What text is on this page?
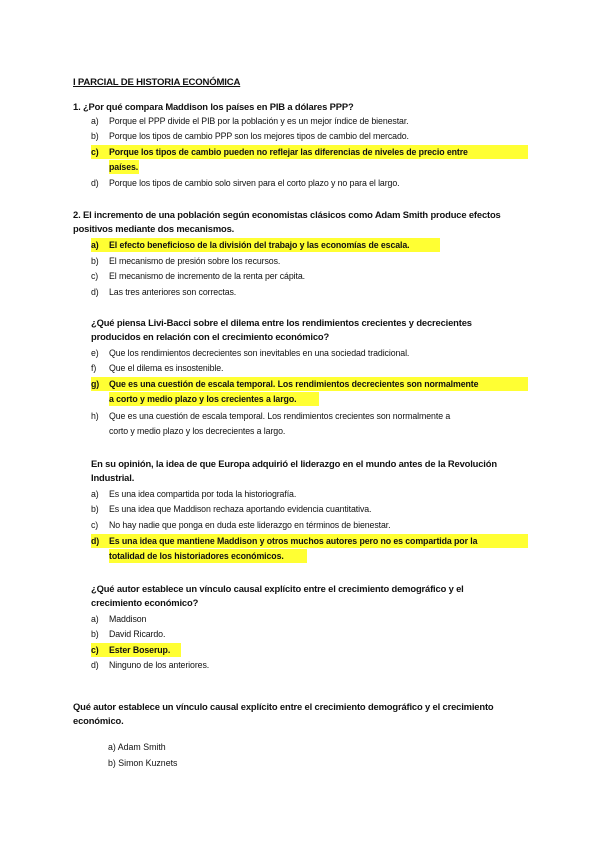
I PARCIAL DE HISTORIA ECONÓMICA
1. ¿Por qué compara Maddison los países en PIB a dólares PPP?
a)	Porque el PPP divide el PIB por la población y es un mejor índice de bienestar.
b)	Porque los tipos de cambio PPP son los mejores tipos de cambio del mercado.
c)	Porque los tipos de cambio pueden no reflejar las diferencias de niveles de precio entre
países.
d)	Porque los tipos de cambio solo sirven para el corto plazo y no para el largo.
2. El incremento de una población según economistas clásicos como Adam Smith produce efectos
positivos mediante dos mecanismos.
a)	El efecto beneficioso de la división del trabajo y las economías de escala.
b)	El mecanismo de presión sobre los recursos.
c)	El mecanismo de incremento de la renta per cápita.
d)	Las tres anteriores son correctas.
¿Qué piensa Livi-Bacci sobre el dilema entre los rendimientos crecientes y decrecientes
producidos en relación con el crecimiento económico?
e)	Que los rendimientos decrecientes son inevitables en una sociedad tradicional.
f)	Que el dilema es insostenible.
g)	Que es una cuestión de escala temporal. Los rendimientos decrecientes son normalmente
a corto y medio plazo y los crecientes a largo.
h)	Que es una cuestión de escala temporal. Los rendimientos crecientes son normalmente a
corto y medio plazo y los decrecientes a largo.
En su opinión, la idea de que Europa adquirió el liderazgo en el mundo antes de la Revolución
Industrial.
a)	Es una idea compartida por toda la historiografía.
b)	Es una idea que Maddison rechaza aportando evidencia cuantitativa.
c)	No hay nadie que ponga en duda este liderazgo en términos de bienestar.
d)	Es una idea que mantiene Maddison y otros muchos autores pero no es compartida por la
totalidad de los historiadores económicos.
¿Qué autor establece un vínculo causal explícito entre el crecimiento demográfico y el
crecimiento económico?
a)	Maddison
b)	David Ricardo.
c)	Ester Boserup.
d)	Ninguno de los anteriores.
Qué autor establece un vínculo causal explícito entre el crecimiento demográfico y el crecimiento
económico.
a) Adam Smith
b) Simon Kuznets
